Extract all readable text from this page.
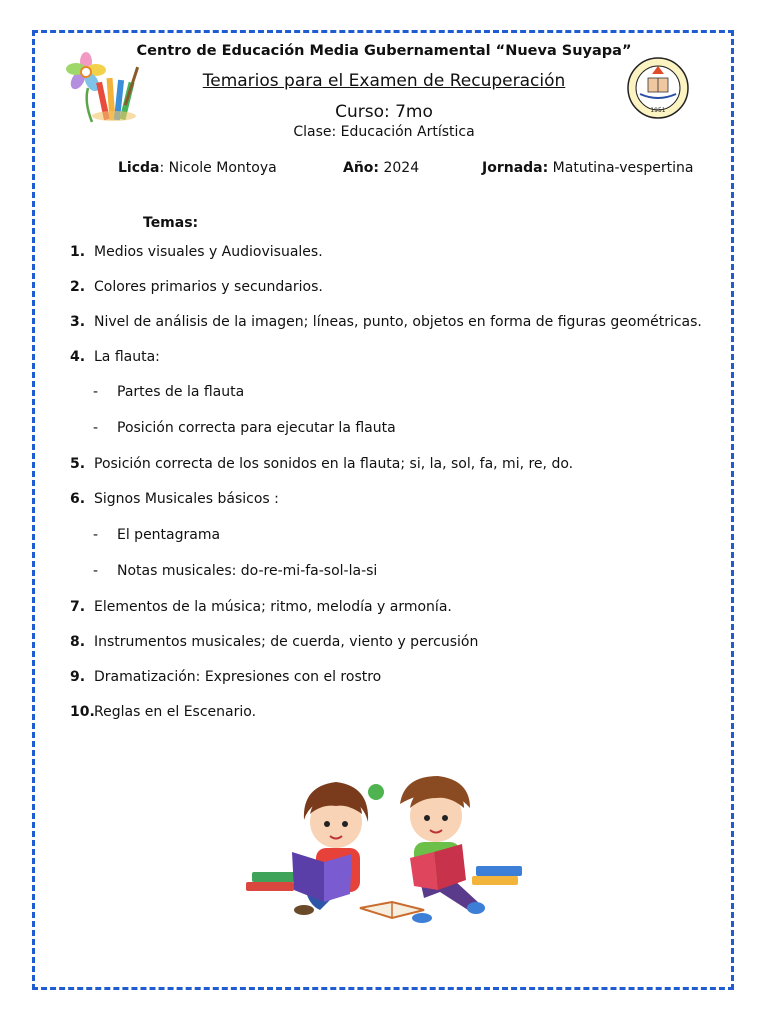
Centro de Educación Media Gubernamental “Nueva Suyapa”
Temarios para el Examen de Recuperación
Curso: 7mo
Clase: Educación Artística
1951
Licda: Nicole Montoya	Año: 2024	Jornada: Matutina-vespertina
Temas:
1. Medios visuales y Audiovisuales.
2. Colores primarios y secundarios.
3. Nivel de análisis de la imagen; líneas, punto, objetos en forma de figuras geométricas.
4. La flauta:
- Partes de la flauta
- Posición correcta para ejecutar la flauta
5. Posición correcta de los sonidos en la flauta; si, la, sol, fa, mi, re, do.
6. Signos Musicales básicos :
- El pentagrama
- Notas musicales: do-re-mi-fa-sol-la-si
7. Elementos de la música; ritmo, melodía y armonía.
8. Instrumentos musicales; de cuerda, viento y percusión
9. Dramatización: Expresiones con el rostro
10.Reglas en el Escenario.
